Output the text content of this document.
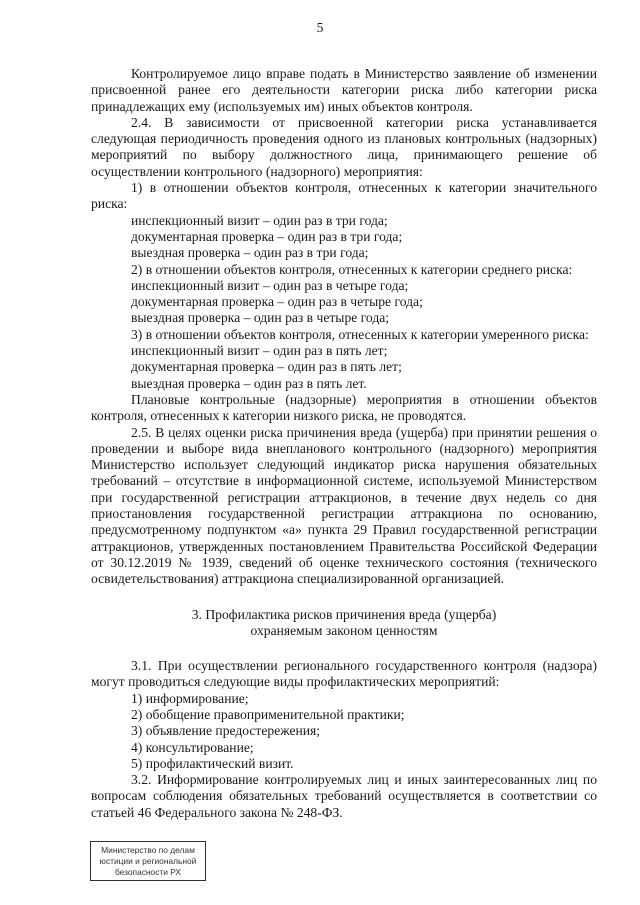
5

Контролируемое лицо вправе подать в Министерство заявление об изменении присвоенной ранее его деятельности категории риска либо категории риска принадлежащих ему (используемых им) иных объектов контроля.

2.4. В зависимости от присвоенной категории риска устанавливается следующая периодичность проведения одного из плановых контрольных (надзорных) мероприятий по выбору должностного лица, принимающего решение об осуществлении контрольного (надзорного) мероприятия:

1) в отношении объектов контроля, отнесенных к категории значительного риска:

инспекционный визит – один раз в три года;

документарная проверка – один раз в три года;

выездная проверка – один раз в три года;

2) в отношении объектов контроля, отнесенных к категории среднего риска:

инспекционный визит – один раз в четыре года;

документарная проверка – один раз в четыре года;

выездная проверка – один раз в четыре года;

3) в отношении объектов контроля, отнесенных к категории умеренного риска:

инспекционный визит – один раз в пять лет;

документарная проверка – один раз в пять лет;

выездная проверка – один раз в пять лет.

Плановые контрольные (надзорные) мероприятия в отношении объектов контроля, отнесенных к категории низкого риска, не проводятся.

2.5. В целях оценки риска причинения вреда (ущерба) при принятии решения о проведении и выборе вида внепланового контрольного (надзорного) мероприятия Министерство использует следующий индикатор риска нарушения обязательных требований – отсутствие в информационной системе, используемой Министерством при государственной регистрации аттракционов, в течение двух недель со дня приостановления государственной регистрации аттракциона по основанию, предусмотренному подпунктом «а» пункта 29 Правил государственной регистрации аттракционов, утвержденных постановлением Правительства Российской Федерации от 30.12.2019 № 1939, сведений об оценке технического состояния (технического освидетельствования) аттракциона специализированной организацией.

3. Профилактика рисков причинения вреда (ущерба)

охраняемым законом ценностям

3.1. При осуществлении регионального государственного контроля (надзора) могут проводиться следующие виды профилактических мероприятий:

1) информирование;

2) обобщение правоприменительной практики;

3) объявление предостережения;

4) консультирование;

5) профилактический визит.

3.2. Информирование контролируемых лиц и иных заинтересованных лиц по вопросам соблюдения обязательных требований осуществляется в соответствии со статьей 46 Федерального закона № 248-ФЗ.

Министерство по делам
юстиции и региональной
безопасности РХ
